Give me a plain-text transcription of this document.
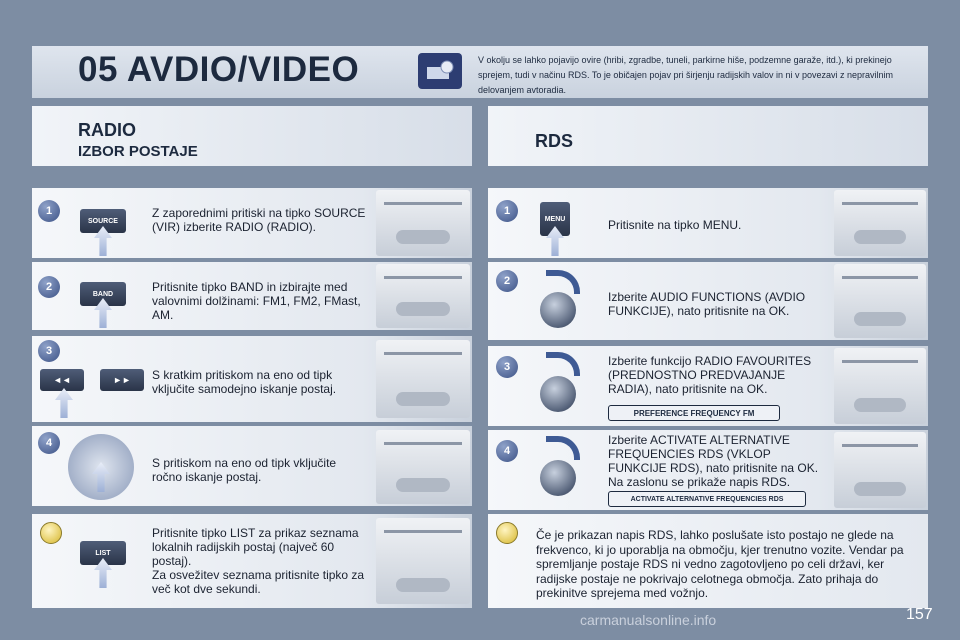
05 AVDIO/VIDEO	V okolju se lahko pojavijo ovire (hribi, zgradbe, tuneli, parkirne hiše, podzemne garaže, itd.), ki prekinejo sprejem, tudi v načinu RDS. To je običajen pojav pri širjenju radijskih valov in ni v povezavi z nepravilnim delovanjem avtoradia.
RADIO
IZBOR POSTAJE
RDS
1
SOURCE
Z zaporednimi pritiski na tipko SOURCE (VIR) izberite RADIO (RADIO).
2
BAND	Pritisnite tipko BAND in izbirajte med valovnimi dolžinami: FM1, FM2, FMast, AM.
3
◄◄	►►	S kratkim pritiskom na eno od tipk vključite samodejno iskanje postaj.
4
S pritiskom na eno od tipk vključite ročno iskanje postaj.
LIST
Pritisnite tipko LIST za prikaz seznama lokalnih radijskih postaj (največ 60 postaj).
Za osvežitev seznama pritisnite tipko za več kot dve sekundi.
1
MENU	Pritisnite na tipko MENU.
2
Izberite AUDIO FUNCTIONS (AVDIO FUNKCIJE), nato pritisnite na OK.
3	Izberite funkcijo RADIO FAVOURITES (PREDNOSTNO PREDVAJANJE RADIA), nato pritisnite na OK.
PREFERENCE FREQUENCY FM
4
Izberite ACTIVATE ALTERNATIVE FREQUENCIES RDS (VKLOP FUNKCIJE RDS), nato pritisnite na OK. Na zaslonu se prikaže napis RDS.
ACTIVATE ALTERNATIVE FREQUENCIES RDS
Če je prikazan napis RDS, lahko poslušate isto postajo ne glede na frekvenco, ki jo uporablja na območju, kjer trenutno vozite. Vendar pa spremljanje postaje RDS ni vedno zagotovljeno po celi državi, ker radijske postaje ne pokrivajo celotnega območja. Zato prihaja do prekinitve sprejema med vožnjo.
carmanualsonline.info	157
